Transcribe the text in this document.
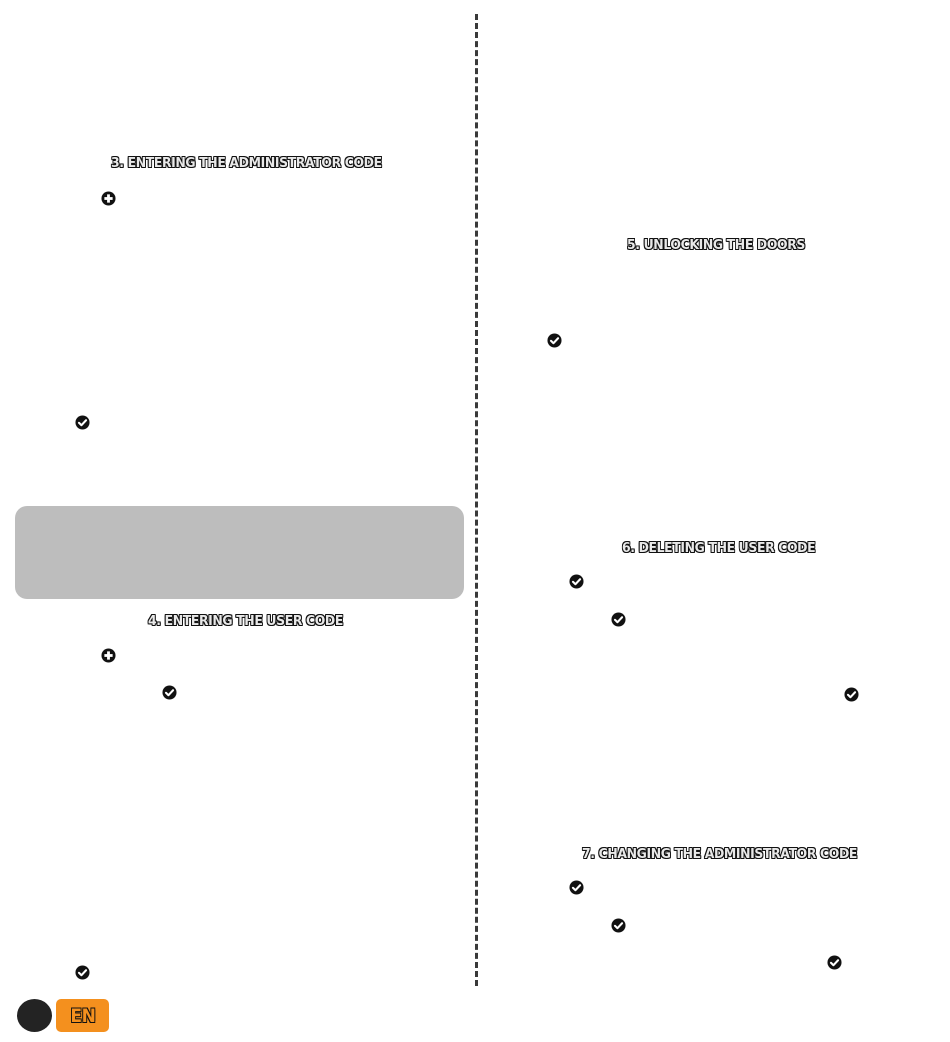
3. ENTERING THE ADMINISTRATOR CODE
4. ENTERING THE USER CODE
5. UNLOCKING THE DOORS
6. DELETING THE USER CODE
7. CHANGING THE ADMINISTRATOR CODE
EN
